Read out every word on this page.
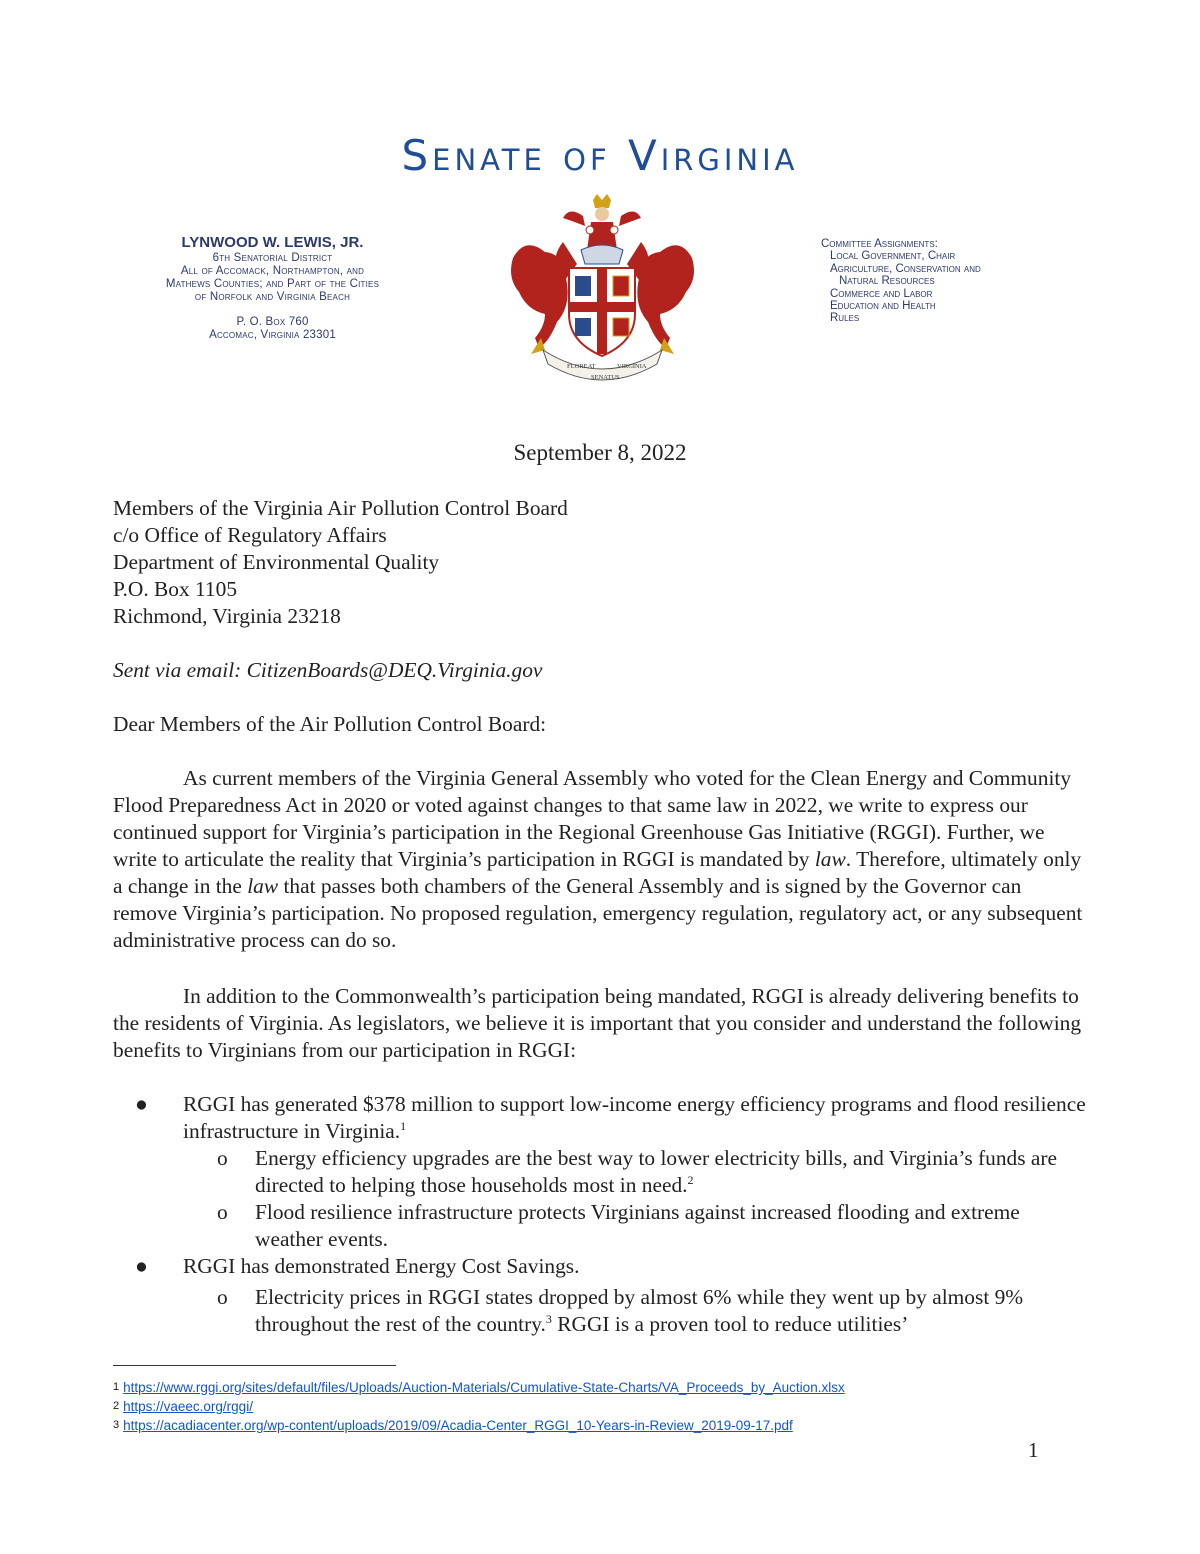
Senate of Virginia
LYNWOOD W. LEWIS, JR.
6th Senatorial District
All of Accomack, Northampton, and
Mathews Counties; and Part of the Cities
of Norfolk and Virginia Beach
P. O. Box 760
Accomac, Virginia 23301
FLOREAT
SENATUS
VIRGINIA
Committee Assignments:
Local Government, Chair
Agriculture, Conservation and
Natural Resources
Commerce and Labor
Education and Health
Rules
September 8, 2022
Members of the Virginia Air Pollution Control Board
c/o Office of Regulatory Affairs
Department of Environmental Quality
P.O. Box 1105
Richmond, Virginia 23218
Sent via email: CitizenBoards@DEQ.Virginia.gov
Dear Members of the Air Pollution Control Board:
As current members of the Virginia General Assembly who voted for the Clean Energy and Community Flood Preparedness Act in 2020 or voted against changes to that same law in 2022, we write to express our continued support for Virginia’s participation in the Regional Greenhouse Gas Initiative (RGGI). Further, we write to articulate the reality that Virginia’s participation in RGGI is mandated by law. Therefore, ultimately only a change in the law that passes both chambers of the General Assembly and is signed by the Governor can remove Virginia’s participation. No proposed regulation, emergency regulation, regulatory act, or any subsequent administrative process can do so.
In addition to the Commonwealth’s participation being mandated, RGGI is already delivering benefits to the residents of Virginia. As legislators, we believe it is important that you consider and understand the following benefits to Virginians from our participation in RGGI:
● RGGI has generated $378 million to support low-income energy efficiency programs and flood resilience infrastructure in Virginia.$^1$
o Energy efficiency upgrades are the best way to lower electricity bills, and Virginia’s funds are directed to helping those households most in need.$^2$
o Flood resilience infrastructure protects Virginians against increased flooding and extreme weather events.
● RGGI has demonstrated Energy Cost Savings.
o Electricity prices in RGGI states dropped by almost 6% while they went up by almost 9% throughout the rest of the country.$^3$ RGGI is a proven tool to reduce utilities’
$^1$ https://www.rggi.org/sites/default/files/Uploads/Auction-Materials/Cumulative-State-Charts/VA_Proceeds_by_Auction.xlsx
$^2$ https://vaeec.org/rggi/
$^3$ https://acadiacenter.org/wp-content/uploads/2019/09/Acadia-Center_RGGI_10-Years-in-Review_2019-09-17.pdf
1
